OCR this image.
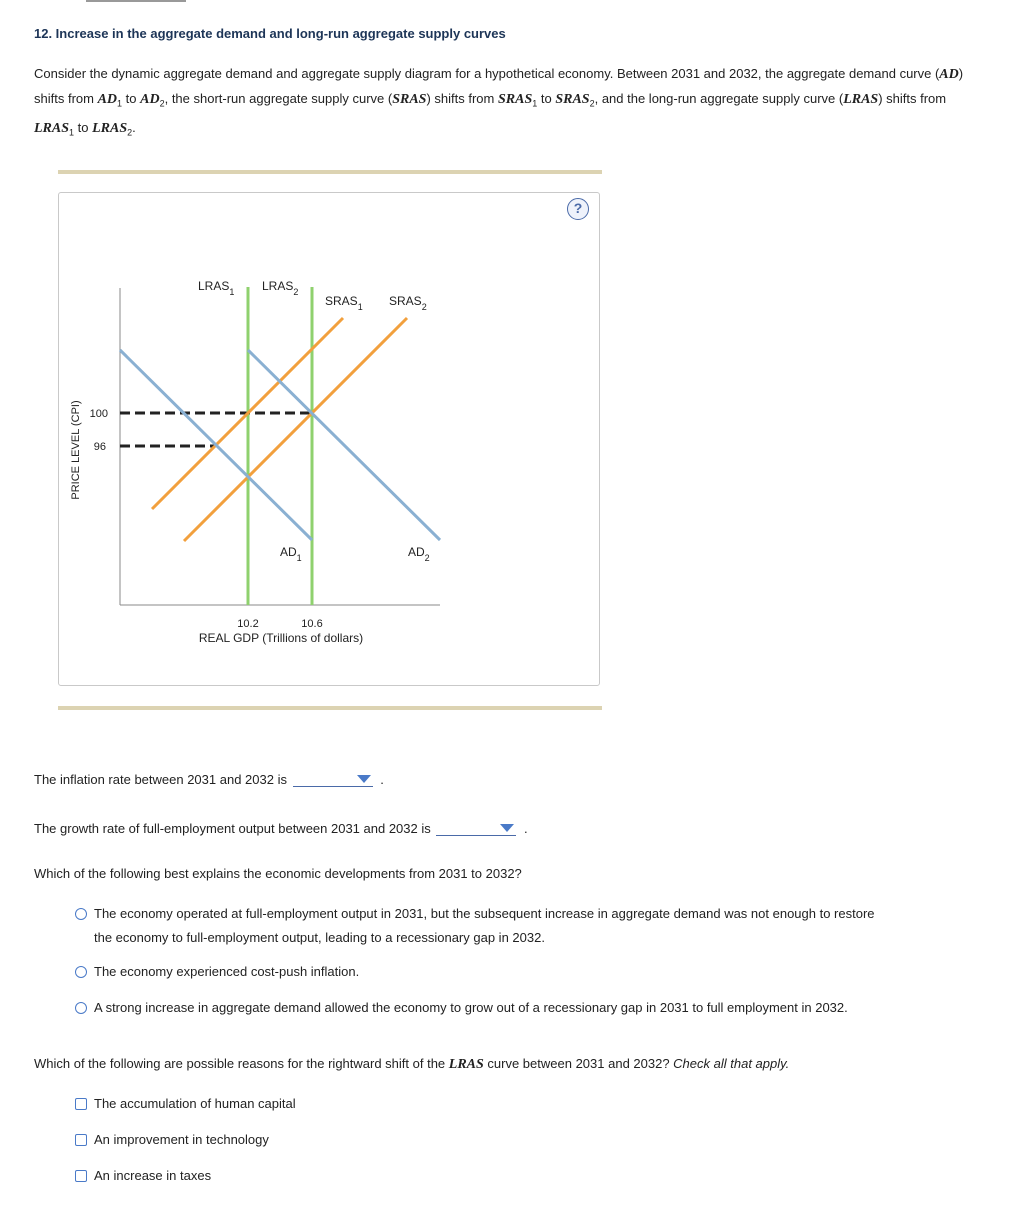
12. Increase in the aggregate demand and long-run aggregate supply curves
Consider the dynamic aggregate demand and aggregate supply diagram for a hypothetical economy. Between 2031 and 2032, the aggregate demand curve (AD) shifts from $AD_1$ to $AD_2$, the short-run aggregate supply curve (SRAS) shifts from $SRAS_1$ to $SRAS_2$, and the long-run aggregate supply curve (LRAS) shifts from $LRAS_1$ to $LRAS_2$.
?
$LRAS_1$ $LRAS_2$
$SRAS_1$ $SRAS_2$
$AD_1$	$AD_2$
100
96
10.2	10.6
REAL GDP (Trillions of dollars)
PRICE LEVEL (CPI)
The inflation rate between 2031 and 2032 is	.
The growth rate of full-employment output between 2031 and 2032 is	.
Which of the following best explains the economic developments from 2031 to 2032?
The economy operated at full-employment output in 2031, but the subsequent increase in aggregate demand was not enough to restore
the economy to full-employment output, leading to a recessionary gap in 2032.
The economy experienced cost-push inflation.
A strong increase in aggregate demand allowed the economy to grow out of a recessionary gap in 2031 to full employment in 2032.
Which of the following are possible reasons for the rightward shift of the LRAS curve between 2031 and 2032? Check all that apply.
The accumulation of human capital
An improvement in technology
An increase in taxes
